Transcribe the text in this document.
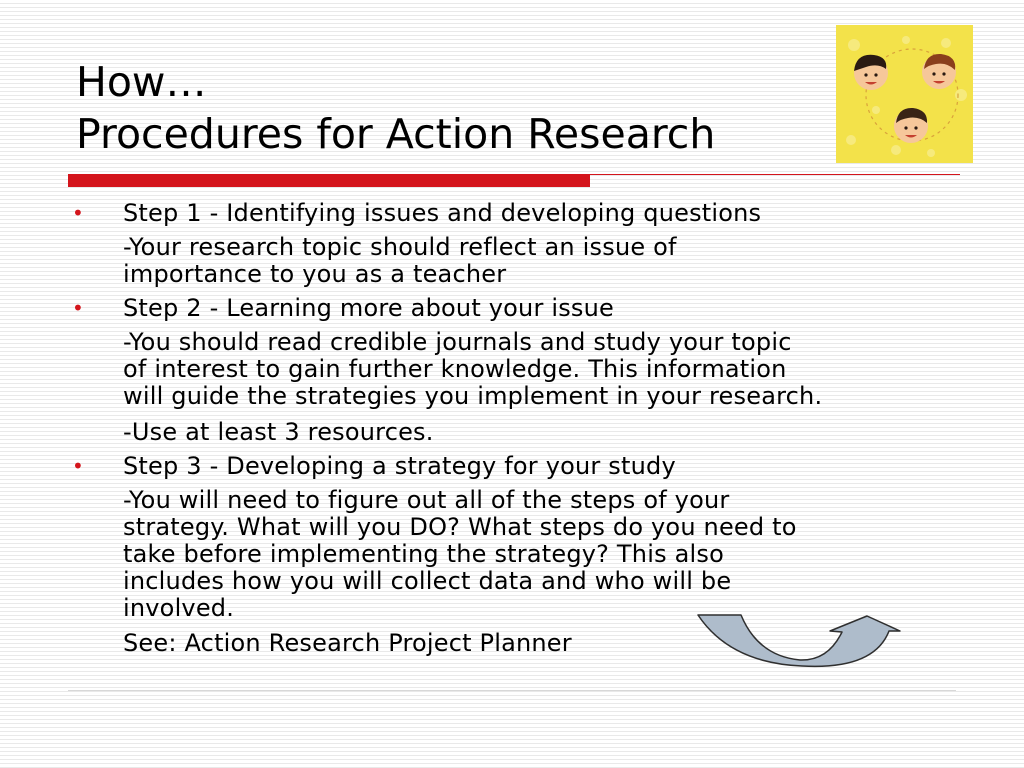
How…
Procedures for Action Research
• Step 1 - Identifying issues and developing questions
-Your research topic should reflect an issue of
importance to you as a teacher
• Step 2 - Learning more about your issue
-You should read credible journals and study your topic
of interest to gain further knowledge. This information
will guide the strategies you implement in your research.
-Use at least 3 resources.
• Step 3 - Developing a strategy for your study
-You will need to figure out all of the steps of your
strategy. What will you DO? What steps do you need to
take before implementing the strategy? This also
includes how you will collect data and who will be
involved.
See: Action Research Project Planner
